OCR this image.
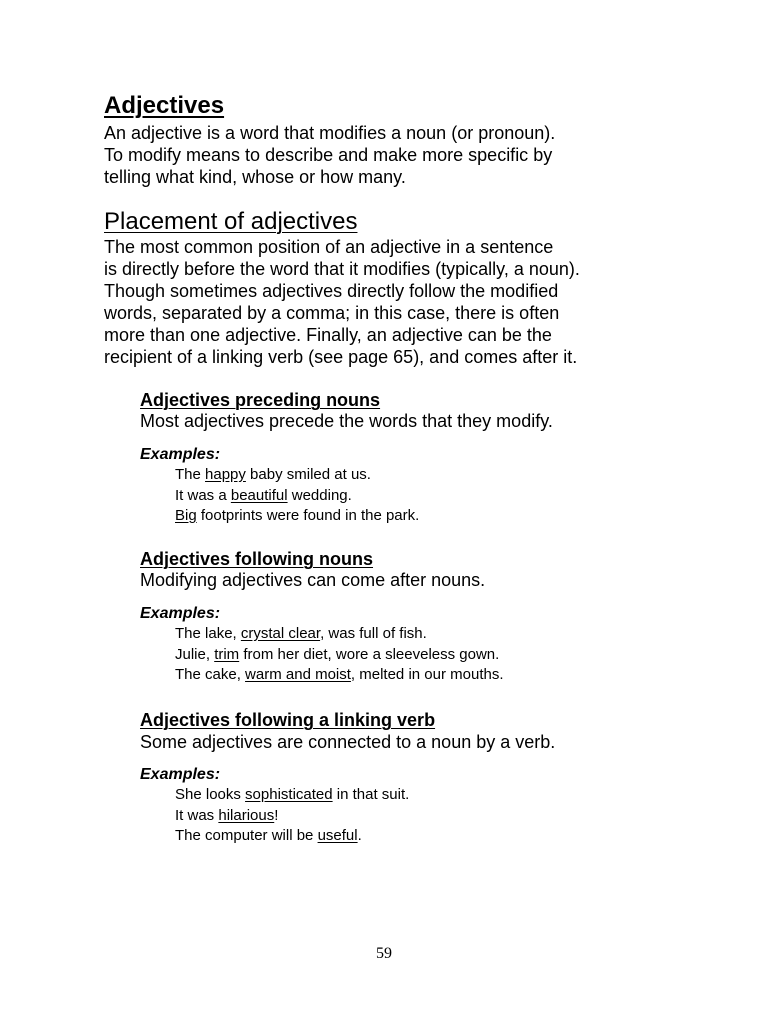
Adjectives

An adjective is a word that modifies a noun (or pronoun).
To modify means to describe and make more specific by
telling what kind, whose or how many.

Placement of adjectives

The most common position of an adjective in a sentence
is directly before the word that it modifies (typically, a noun).
Though sometimes adjectives directly follow the modified
words, separated by a comma; in this case, there is often
more than one adjective. Finally, an adjective can be the
recipient of a linking verb (see page 65), and comes after it.

Adjectives preceding nouns

Most adjectives precede the words that they modify.

Examples:

The happy baby smiled at us.
It was a beautiful wedding.
Big footprints were found in the park.
Adjectives following nouns

Modifying adjectives can come after nouns.

Examples:

The lake, crystal clear, was full of fish.
Julie, trim from her diet, wore a sleeveless gown.
The cake, warm and moist, melted in our mouths.
Adjectives following a linking verb

Some adjectives are connected to a noun by a verb.

Examples:

She looks sophisticated in that suit.
It was hilarious!
The computer will be useful.
59
